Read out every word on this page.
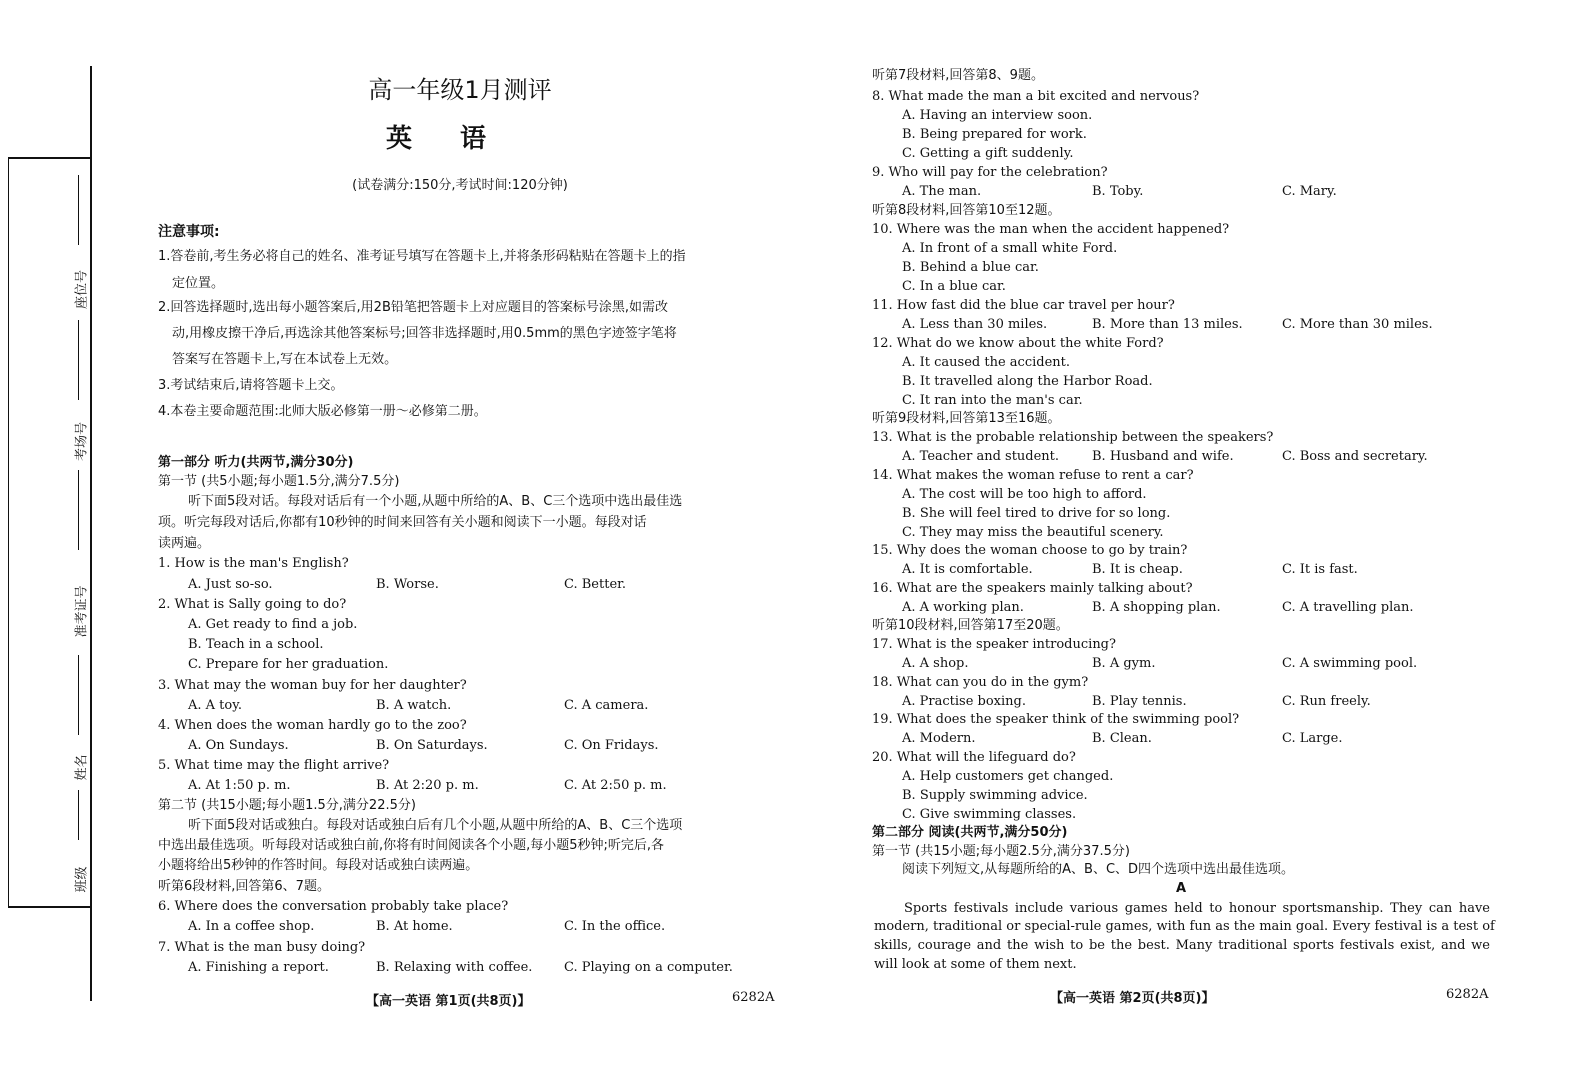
座位号
考场号
准考证号
姓名
班级
高一年级1月测评
英语
(试卷满分:150分,考试时间:120分钟)
注意事项:
1.答卷前,考生务必将自己的姓名、准考证号填写在答题卡上,并将条形码粘贴在答题卡上的指
定位置。
2.回答选择题时,选出每小题答案后,用2B铅笔把答题卡上对应题目的答案标号涂黑,如需改
动,用橡皮擦干净后,再选涂其他答案标号;回答非选择题时,用0.5mm的黑色字迹签字笔将
答案写在答题卡上,写在本试卷上无效。
3.考试结束后,请将答题卡上交。
4.本卷主要命题范围:北师大版必修第一册～必修第二册。
第一部分 听力(共两节,满分30分)
第一节 (共5小题;每小题1.5分,满分7.5分)
听下面5段对话。每段对话后有一个小题,从题中所给的A、B、C三个选项中选出最佳选
项。听完每段对话后,你都有10秒钟的时间来回答有关小题和阅读下一小题。每段对话
读两遍。
1. How is the man's English?
A. Just so-so.	B. Worse.	C. Better.
2. What is Sally going to do?
A. Get ready to find a job.
B. Teach in a school.
C. Prepare for her graduation.
3. What may the woman buy for her daughter?
A. A toy.	B. A watch.	C. A camera.
4. When does the woman hardly go to the zoo?
A. On Sundays.	B. On Saturdays.	C. On Fridays.
5. What time may the flight arrive?
A. At 1:50 p. m.	B. At 2:20 p. m.	C. At 2:50 p. m.
第二节 (共15小题;每小题1.5分,满分22.5分)
听下面5段对话或独白。每段对话或独白后有几个小题,从题中所给的A、B、C三个选项
中选出最佳选项。听每段对话或独白前,你将有时间阅读各个小题,每小题5秒钟;听完后,各
小题将给出5秒钟的作答时间。每段对话或独白读两遍。
听第6段材料,回答第6、7题。
6. Where does the conversation probably take place?
A. In a coffee shop.	B. At home.	C. In the office.
7. What is the man busy doing?
A. Finishing a report.	B. Relaxing with coffee. C. Playing on a computer.
【高一英语 第1页(共8页)】	6282A
听第7段材料,回答第8、9题。
8. What made the man a bit excited and nervous?
A. Having an interview soon.
B. Being prepared for work.
C. Getting a gift suddenly.
9. Who will pay for the celebration?
A. The man.	B. Toby.	C. Mary.
听第8段材料,回答第10至12题。
10. Where was the man when the accident happened?
A. In front of a small white Ford.
B. Behind a blue car.
C. In a blue car.
11. How fast did the blue car travel per hour?
A. Less than 30 miles.	B. More than 13 miles.	C. More than 30 miles.
12. What do we know about the white Ford?
A. It caused the accident.
B. It travelled along the Harbor Road.
C. It ran into the man's car.
听第9段材料,回答第13至16题。
13. What is the probable relationship between the speakers?
A. Teacher and student.	B. Husband and wife.	C. Boss and secretary.
14. What makes the woman refuse to rent a car?
A. The cost will be too high to afford.
B. She will feel tired to drive for so long.
C. They may miss the beautiful scenery.
15. Why does the woman choose to go by train?
A. It is comfortable.	B. It is cheap.	C. It is fast.
16. What are the speakers mainly talking about?
A. A working plan.	B. A shopping plan.	C. A travelling plan.
听第10段材料,回答第17至20题。
17. What is the speaker introducing?
A. A shop.	B. A gym.	C. A swimming pool.
18. What can you do in the gym?
A. Practise boxing.	B. Play tennis.	C. Run freely.
19. What does the speaker think of the swimming pool?
A. Modern.	B. Clean.	C. Large.
20. What will the lifeguard do?
A. Help customers get changed.
B. Supply swimming advice.
C. Give swimming classes.
第二部分 阅读(共两节,满分50分)
第一节 (共15小题;每小题2.5分,满分37.5分)
阅读下列短文,从每题所给的A、B、C、D四个选项中选出最佳选项。
A
Sports festivals include various games held to honour sportsmanship. They can have
modern, traditional or special-rule games, with fun as the main goal. Every festival is a test of
skills, courage and the wish to be the best. Many traditional sports festivals exist, and we
will look at some of them next.
【高一英语 第2页(共8页)】	6282A
